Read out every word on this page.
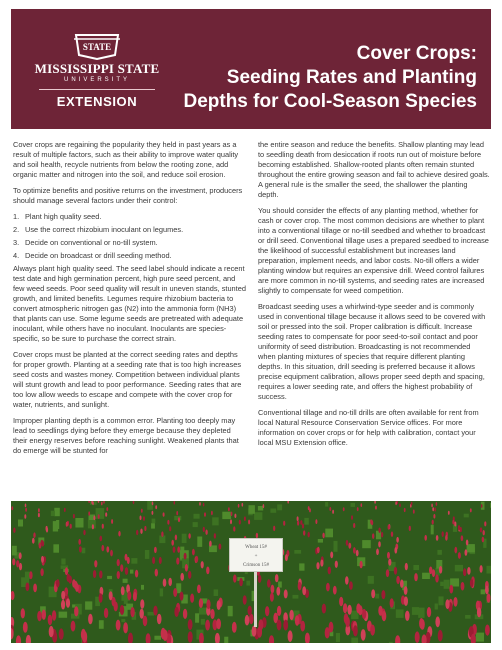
STATE
MISSISSIPPI STATE
UNIVERSITY
EXTENSION
Cover Crops:
Seeding Rates and Planting
Depths for Cool-Season Species

Cover crops are regaining the popularity they held in past years as a result of multiple factors, such as their ability to improve water quality and soil health, recycle nutrients from below the rooting zone, add organic matter and nitrogen into the soil, and reduce soil erosion.

To optimize benefits and positive returns on the investment, producers should manage several factors under their control:

1. Plant high quality seed.
2. Use the correct rhizobium inoculant on legumes.
3. Decide on conventional or no-till system.
4. Decide on broadcast or drill seeding method.

Always plant high quality seed. The seed label should indicate a recent test date and high germination percent, high pure seed percent, and few weed seeds. Poor seed quality will result in uneven stands, stunted growth, and limited benefits. Legumes require rhizobium bacteria to convert atmospheric nitrogen gas (N2) into the ammonia form (NH3) that plants can use. Some legume seeds are pretreated with adequate inoculant, while others have no inoculant. Inoculants are species-specific, so be sure to purchase the correct strain.

Cover crops must be planted at the correct seeding rates and depths for proper growth. Planting at a seeding rate that is too high increases seed costs and wastes money. Competition between individual plants will stunt growth and lead to poor performance. Seeding rates that are too low allow weeds to escape and compete with the cover crop for water, nutrients, and sunlight.

Improper planting depth is a common error. Planting too deeply may lead to seedlings dying before they emerge because they depleted their energy reserves before reaching sunlight. Weakened plants that do emerge will be stunted for

the entire season and reduce the benefits. Shallow planting may lead to seedling death from desiccation if roots run out of moisture before becoming established. Shallow-rooted plants often remain stunted throughout the entire growing season and fail to achieve desired goals. A general rule is the smaller the seed, the shallower the planting depth.

You should consider the effects of any planting method, whether for cash or cover crop. The most common decisions are whether to plant into a conventional tillage or no-till seedbed and whether to broadcast or drill seed. Conventional tillage uses a prepared seedbed to increase the likelihood of successful establishment but increases land preparation, implement needs, and labor costs. No-till offers a wider planting window but requires an expensive drill. Weed control failures are more common in no-till systems, and seeding rates are increased slightly to compensate for weed competition.

Broadcast seeding uses a whirlwind-type seeder and is commonly used in conventional tillage because it allows seed to be covered with soil or pressed into the soil. Proper calibration is difficult. Increase seeding rates to compensate for poor seed-to-soil contact and poor uniformity of seed distribution. Broadcasting is not recommended when planting mixtures of species that require different planting depths. In this situation, drill seeding is preferred because it allows precise equipment calibration, allows proper seed depth and spacing, requires a lower seeding rate, and offers the highest probability of success.

Conventional tillage and no-till drills are often available for rent from local Natural Resource Conservation Service offices. For more information on cover crops or for help with calibration, contact your local MSU Extension office.

Wheat 15#
+
Crimson 15#
